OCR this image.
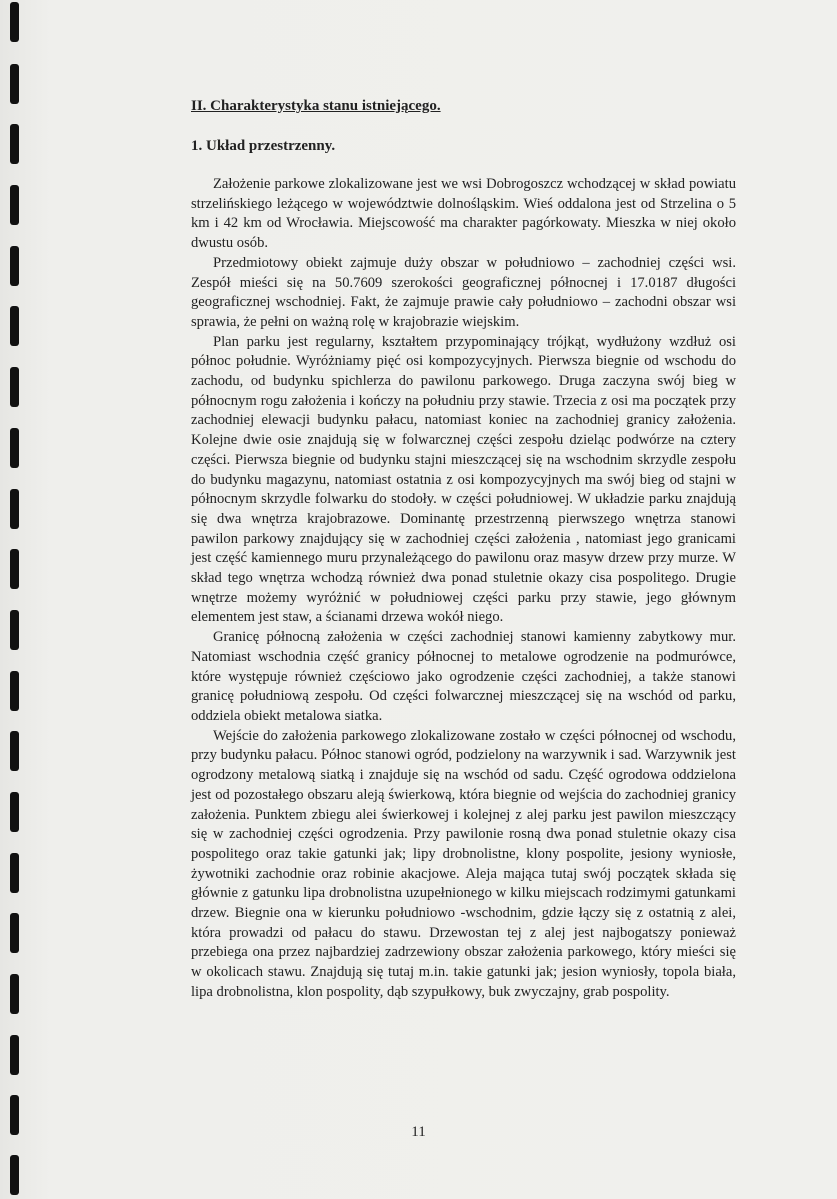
II. Charakterystyka stanu istniejącego.
1. Układ przestrzenny.

Założenie parkowe zlokalizowane jest we wsi Dobrogoszcz wchodzącej w skład powiatu strzelińskiego leżącego w województwie dolnośląskim. Wieś oddalona jest od Strzelina o 5 km i 42 km od Wrocławia. Miejscowość ma charakter pagórkowaty. Mieszka w niej około dwustu osób.

Przedmiotowy obiekt zajmuje duży obszar w południowo – zachodniej części wsi. Zespół mieści się na 50.7609 szerokości geograficznej północnej i 17.0187 długości geograficznej wschodniej. Fakt, że zajmuje prawie cały południowo – zachodni obszar wsi sprawia, że pełni on ważną rolę w krajobrazie wiejskim.

Plan parku jest regularny, kształtem przypominający trójkąt, wydłużony wzdłuż osi północ południe. Wyróżniamy pięć osi kompozycyjnych. Pierwsza biegnie od wschodu do zachodu, od budynku spichlerza do pawilonu parkowego. Druga zaczyna swój bieg w północnym rogu założenia i kończy na południu przy stawie. Trzecia z osi ma początek przy zachodniej elewacji budynku pałacu, natomiast koniec na zachodniej granicy założenia. Kolejne dwie osie znajdują się w folwarcznej części zespołu dzieląc podwórze na cztery części. Pierwsza biegnie od budynku stajni mieszczącej się na wschodnim skrzydle zespołu do budynku magazynu, natomiast ostatnia z osi kompozycyjnych ma swój bieg od stajni w północnym skrzydle folwarku do stodoły. w części południowej. W układzie parku znajdują się dwa wnętrza krajobrazowe. Dominantę przestrzenną pierwszego wnętrza stanowi pawilon parkowy znajdujący się w zachodniej części założenia , natomiast jego granicami jest część kamiennego muru przynależącego do pawilonu oraz masyw drzew przy murze. W skład tego wnętrza wchodzą również dwa ponad stuletnie okazy cisa pospolitego. Drugie wnętrze możemy wyróżnić w południowej części parku przy stawie, jego głównym elementem jest staw, a ścianami drzewa wokół niego.

Granicę północną założenia w części zachodniej stanowi kamienny zabytkowy mur. Natomiast wschodnia część granicy północnej to metalowe ogrodzenie na podmurówce, które występuje również częściowo jako ogrodzenie części zachodniej, a także stanowi granicę południową zespołu. Od części folwarcznej mieszczącej się na wschód od parku, oddziela obiekt metalowa siatka.

Wejście do założenia parkowego zlokalizowane zostało w części północnej od wschodu, przy budynku pałacu. Północ stanowi ogród, podzielony na warzywnik i sad. Warzywnik jest ogrodzony metalową siatką i znajduje się na wschód od sadu. Część ogrodowa oddzielona jest od pozostałego obszaru aleją świerkową, która biegnie od wejścia do zachodniej granicy założenia. Punktem zbiegu alei świerkowej i kolejnej z alej parku jest pawilon mieszczący się w zachodniej części ogrodzenia. Przy pawilonie rosną dwa ponad stuletnie okazy cisa pospolitego oraz takie gatunki jak; lipy drobnolistne, klony pospolite, jesiony wyniosłe, żywotniki zachodnie oraz robinie akacjowe. Aleja mająca tutaj swój początek składa się głównie z gatunku lipa drobnolistna uzupełnionego w kilku miejscach rodzimymi gatunkami drzew. Biegnie ona w kierunku południowo -wschodnim, gdzie łączy się z ostatnią z alei, która prowadzi od pałacu do stawu. Drzewostan tej z alej jest najbogatszy ponieważ przebiega ona przez najbardziej zadrzewiony obszar założenia parkowego, który mieści się w okolicach stawu. Znajdują się tutaj m.in. takie gatunki jak; jesion wyniosły, topola biała, lipa drobnolistna, klon pospolity, dąb szypułkowy, buk zwyczajny, grab pospolity.

11
